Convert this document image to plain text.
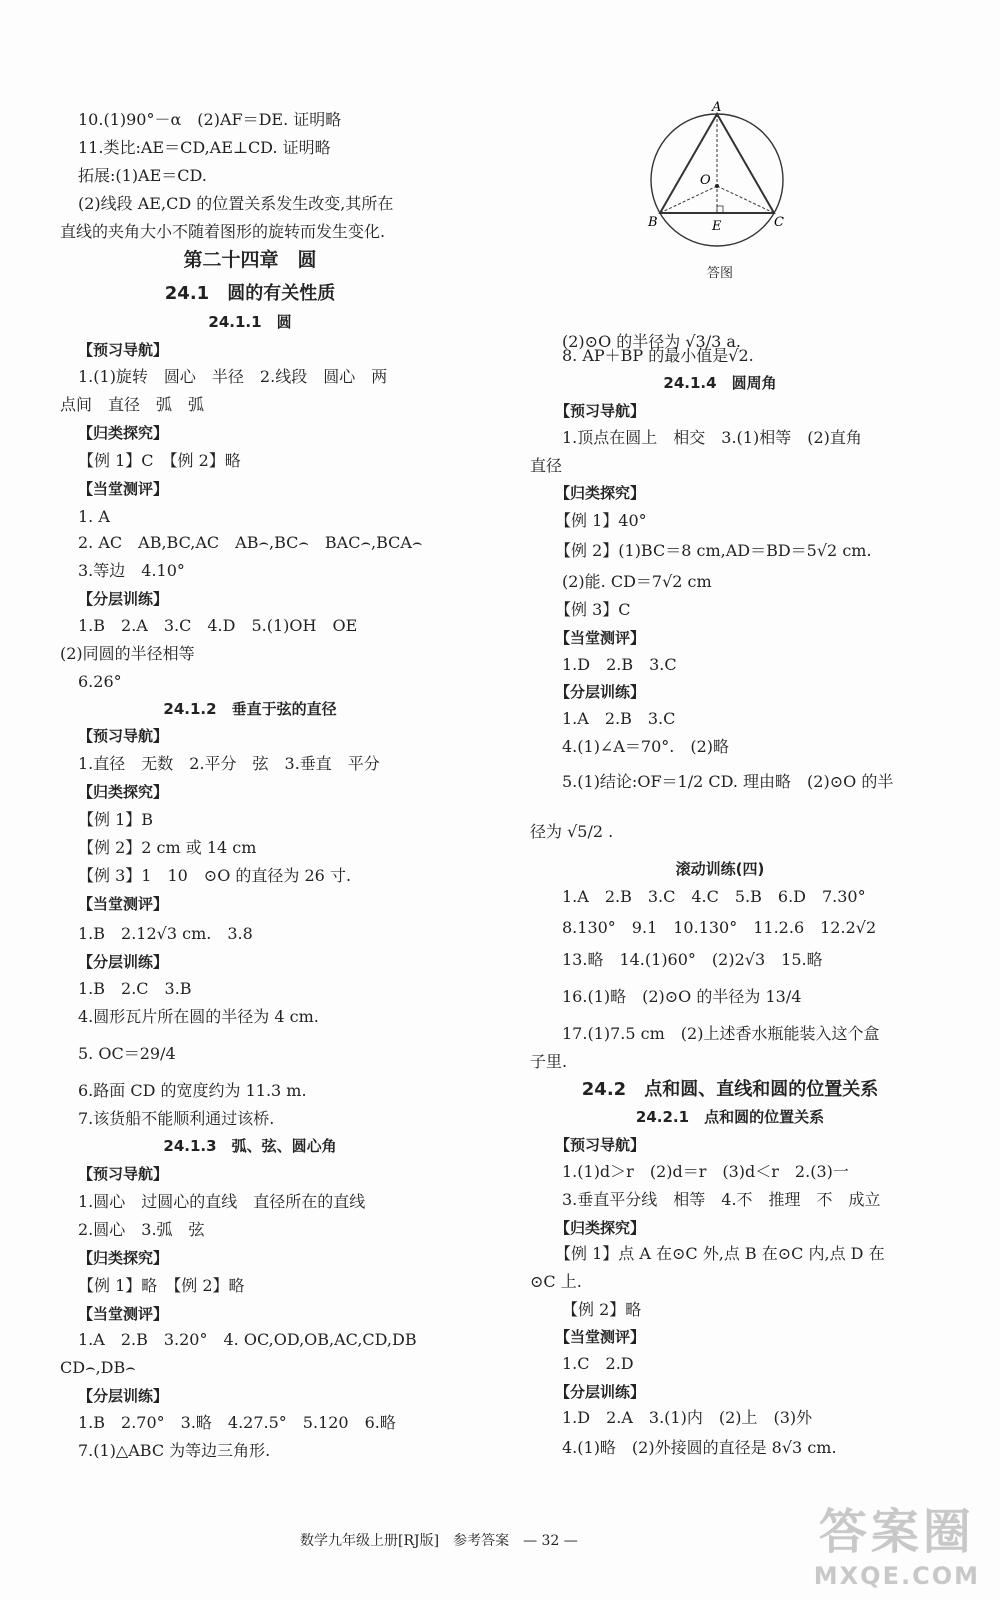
10.(1)90°－α　(2)AF＝DE. 证明略
11.类比:AE＝CD,AE⊥CD. 证明略
拓展:(1)AE＝CD.
(2)线段 AE,CD 的位置关系发生改变,其所在
直线的夹角大小不随着图形的旋转而发生变化.
第二十四章　圆
24.1　圆的有关性质
24.1.1　圆
【预习导航】
1.(1)旋转　圆心　半径　2.线段　圆心　两
点间　直径　弧　弧
【归类探究】
【例 1】C　【例 2】略
【当堂测评】
1. A
2. AC　AB,BC,AC　AB⌢,BC⌢　BAC⌢,BCA⌢
3.等边　4.10°
【分层训练】
1.B　2.A　3.C　4.D　5.(1)OH　OE
(2)同圆的半径相等
6.26°
24.1.2　垂直于弦的直径
【预习导航】
1.直径　无数　2.平分　弦　3.垂直　平分
【归类探究】
【例 1】B
【例 2】2 cm 或 14 cm
【例 3】1　10　⊙O 的直径为 26 寸.
【当堂测评】
1.B　2.12√3 cm.　3.8
【分层训练】
1.B　2.C　3.B
4.圆形瓦片所在圆的半径为 4 cm.
5. OC＝29/4
6.路面 CD 的宽度约为 11.3 m.
7.该货船不能顺利通过该桥.
24.1.3　弧、弦、圆心角
【预习导航】
1.圆心　过圆心的直线　直径所在的直线
2.圆心　3.弧　弦
【归类探究】
【例 1】略　【例 2】略
【当堂测评】
1.A　2.B　3.20°　4. OC,OD,OB,AC,CD,DB
CD⌢,DB⌢
【分层训练】
1.B　2.70°　3.略　4.27.5°　5.120　6.略
7.(1)△ABC 为等边三角形.
A
B	C
O
E
答图
(2)⊙O 的半径为 √3/3 a.
8. AP＋BP 的最小值是√2.
24.1.4　圆周角
【预习导航】
1.顶点在圆上　相交　3.(1)相等　(2)直角
直径
【归类探究】
【例 1】40°
【例 2】(1)BC＝8 cm,AD＝BD＝5√2 cm.
(2)能. CD＝7√2 cm
【例 3】C
【当堂测评】
1.D　2.B　3.C
【分层训练】
1.A　2.B　3.C
4.(1)∠A＝70°.　(2)略
5.(1)结论:OF＝1/2 CD. 理由略　(2)⊙O 的半
径为 √5/2 .
滚动训练(四)
1.A　2.B　3.C　4.C　5.B　6.D　7.30°
8.130°　9.1　10.130°　11.2.6　12.2√2
13.略　14.(1)60°　(2)2√3　15.略
16.(1)略　(2)⊙O 的半径为 13/4
17.(1)7.5 cm　(2)上述香水瓶能装入这个盒
子里.
24.2　点和圆、直线和圆的位置关系
24.2.1　点和圆的位置关系
【预习导航】
1.(1)d＞r　(2)d＝r　(3)d＜r　2.(3)一
3.垂直平分线　相等　4.不　推理　不　成立
【归类探究】
【例 1】点 A 在⊙C 外,点 B 在⊙C 内,点 D 在
⊙C 上.
【例 2】略
【当堂测评】
1.C　2.D
【分层训练】
1.D　2.A　3.(1)内　(2)上　(3)外
4.(1)略　(2)外接圆的直径是 8√3 cm.
数学九年级上册[RJ版]　参考答案　— 32 —	答案圈
MXQE.COM
